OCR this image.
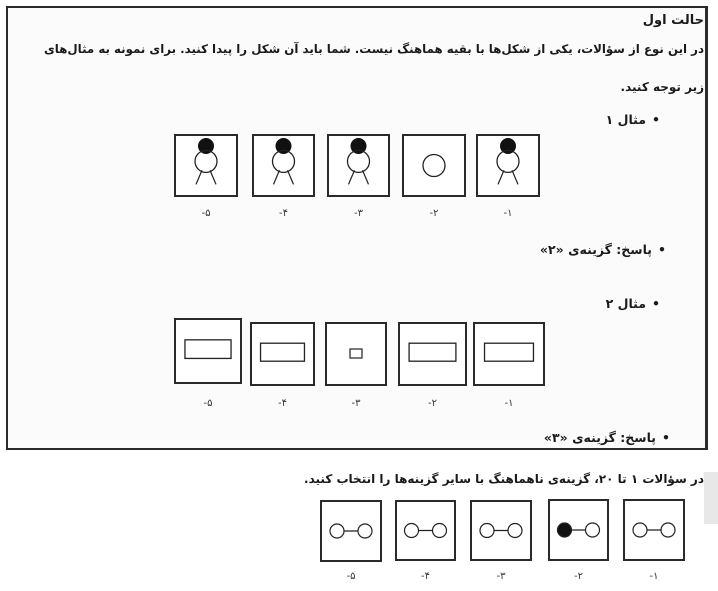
حالت اول
در این نوع از سؤالات، یکی از شکل‌ها با بقیه هماهنگ نیست. شما باید آن شکل را پیدا کنید. برای نمونه به مثال‌های
زیر توجه کنید.
• مثال ۱
-۱
-۲
-۳
-۴
-۵
• پاسخ: گزینه‌ی «۲»
• مثال ۲
-۱
-۲
-۳
-۴
-۵
• پاسخ: گزینه‌ی «۳»
در سؤالات ۱ تا ۲۰، گزینه‌ی ناهماهنگ با سایر گزینه‌ها را انتخاب کنید.
-۱
-۲
-۳
-۴
-۵
